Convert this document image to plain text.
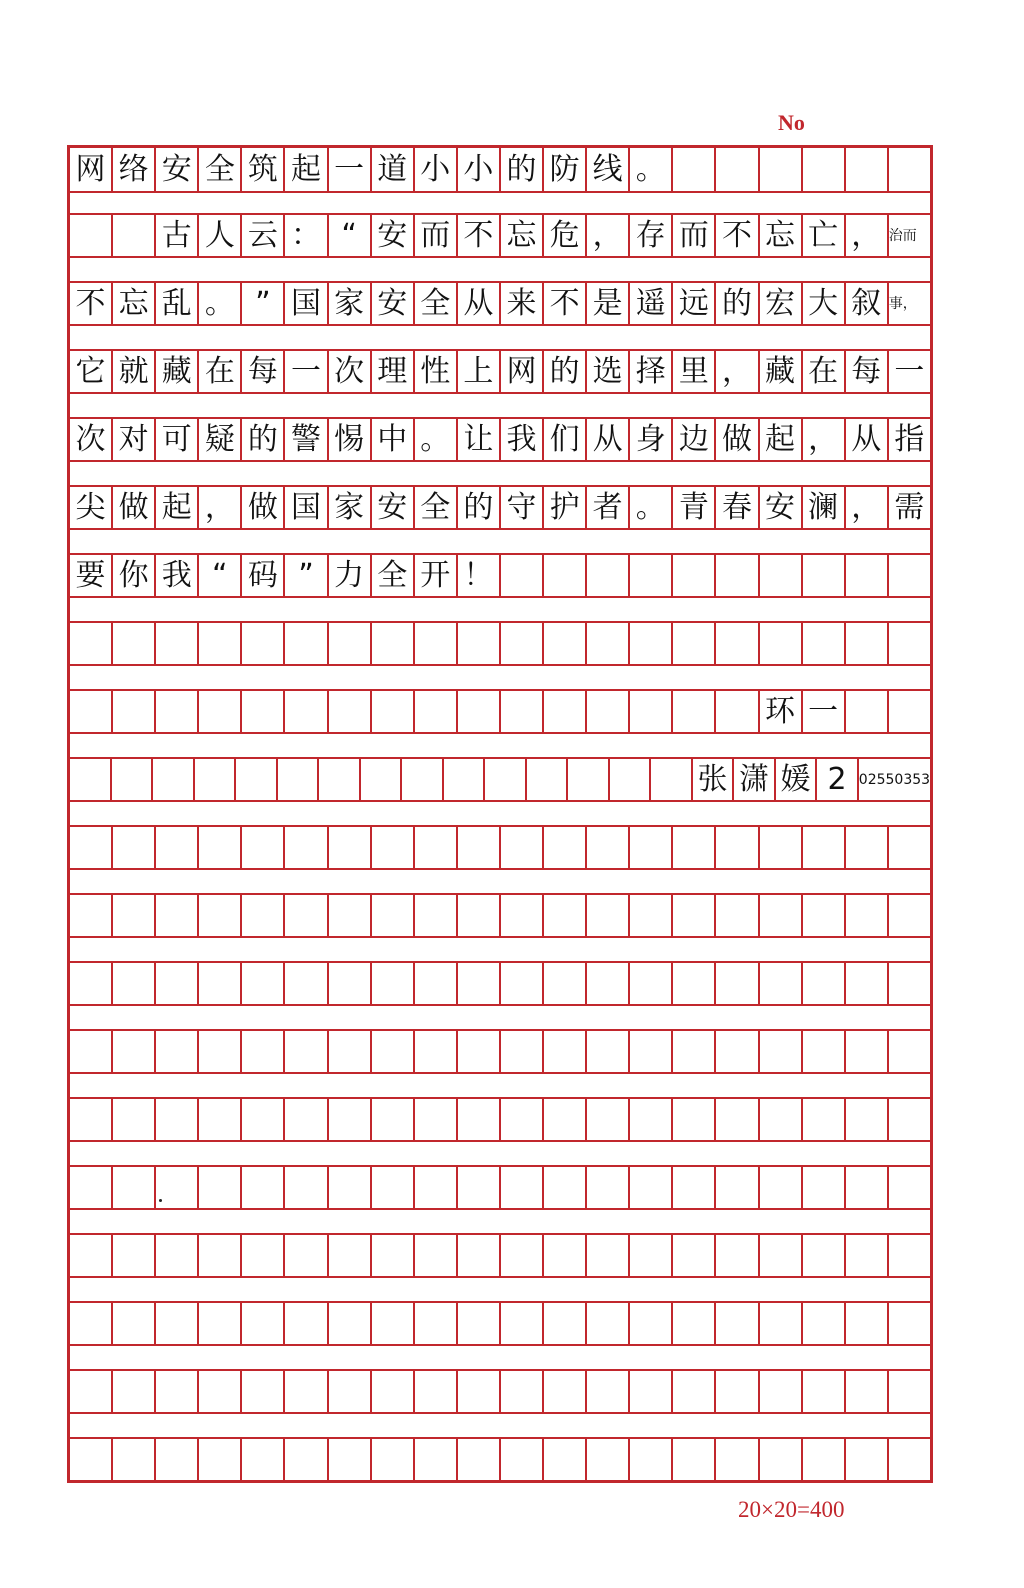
No
网 络 安 全 筑 起 一 道 小 小 的 防 线 。
古 人 云 ： “ 安 而 不 忘 危 ， 存 而 不 忘 亡 ， 治而
不 忘 乱 。 ” 国 家 安 全 从 来 不 是 遥 远 的 宏 大 叙 事，
它 就 藏 在 每 一 次 理 性 上 网 的 选 择 里 ， 藏 在 每 一
次 对 可 疑 的 警 惕 中 。 让 我 们 从 身 边 做 起 ， 从 指
尖 做 起 ， 做 国 家 安 全 的 守 护 者 。 青 春 安 澜 ， 需
要 你 我 “ 码 ” 力 全 开 ！
环 一
张 潇 媛 2 02550353
20×20=400
